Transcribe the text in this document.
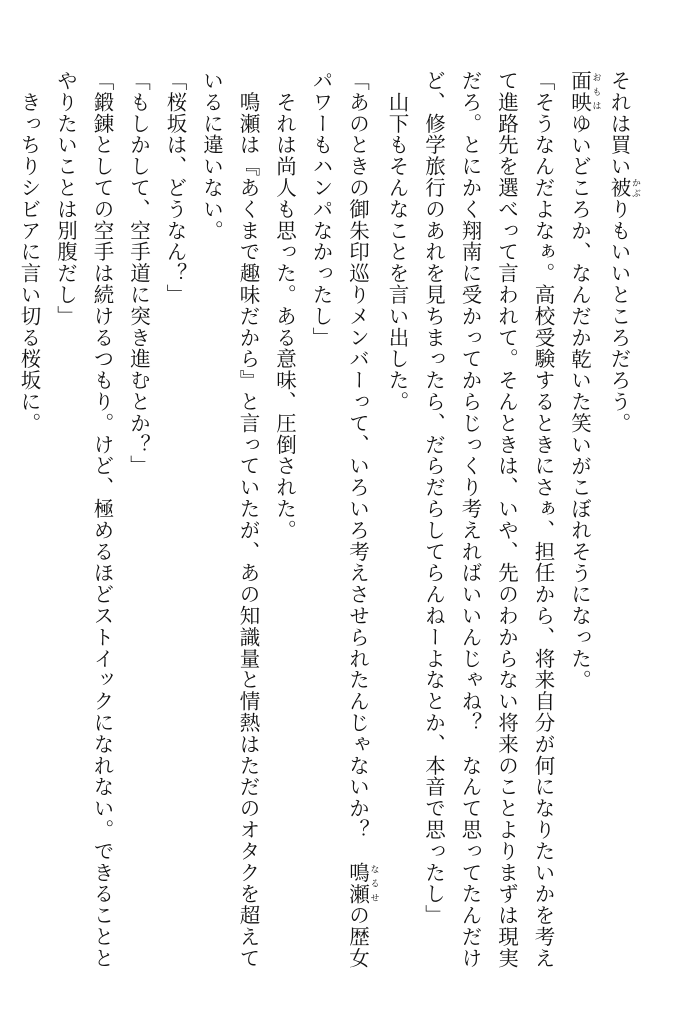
それは買い被 かぶりもいいところだろう。
面映 おもはゆいどころか、なんだか乾いた笑いがこぼれそうになった。
「そうなんだよなぁ。高校受験するときにさぁ、担任から、将来自分が何になりたいかを考え
て進路先を選べって言われて。そんときは、いや、先のわからない将来のことよりまずは現実
だろ。とにかく翔南に受かってからじっくり考えればいいんじゃね？　なんて思ってたんだけ
ど、修学旅行のあれを見ちまったら、だらだらしてらんねーよなとか、本音で思ったし」
　山下もそんなことを言い出した。
「あのときの御朱印巡りメンバーって、いろいろ考えさせられたんじゃないか？　鳴瀬 なるせの歴女
パワーもハンパなかったし」
　それは尚人も思った。ある意味、圧倒された。
　鳴瀬は『あくまで趣味だから』と言っていたが、あの知識量と情熱はただのオタクを超えて
いるに違いない。
「桜坂は、どうなん？」
「もしかして、空手道に突き進むとか？」
「鍛錬としての空手は続けるつもり。けど、極めるほどストイックになれない。できることと
やりたいことは別腹だし」
　きっちりシビアに言い切る桜坂に。
